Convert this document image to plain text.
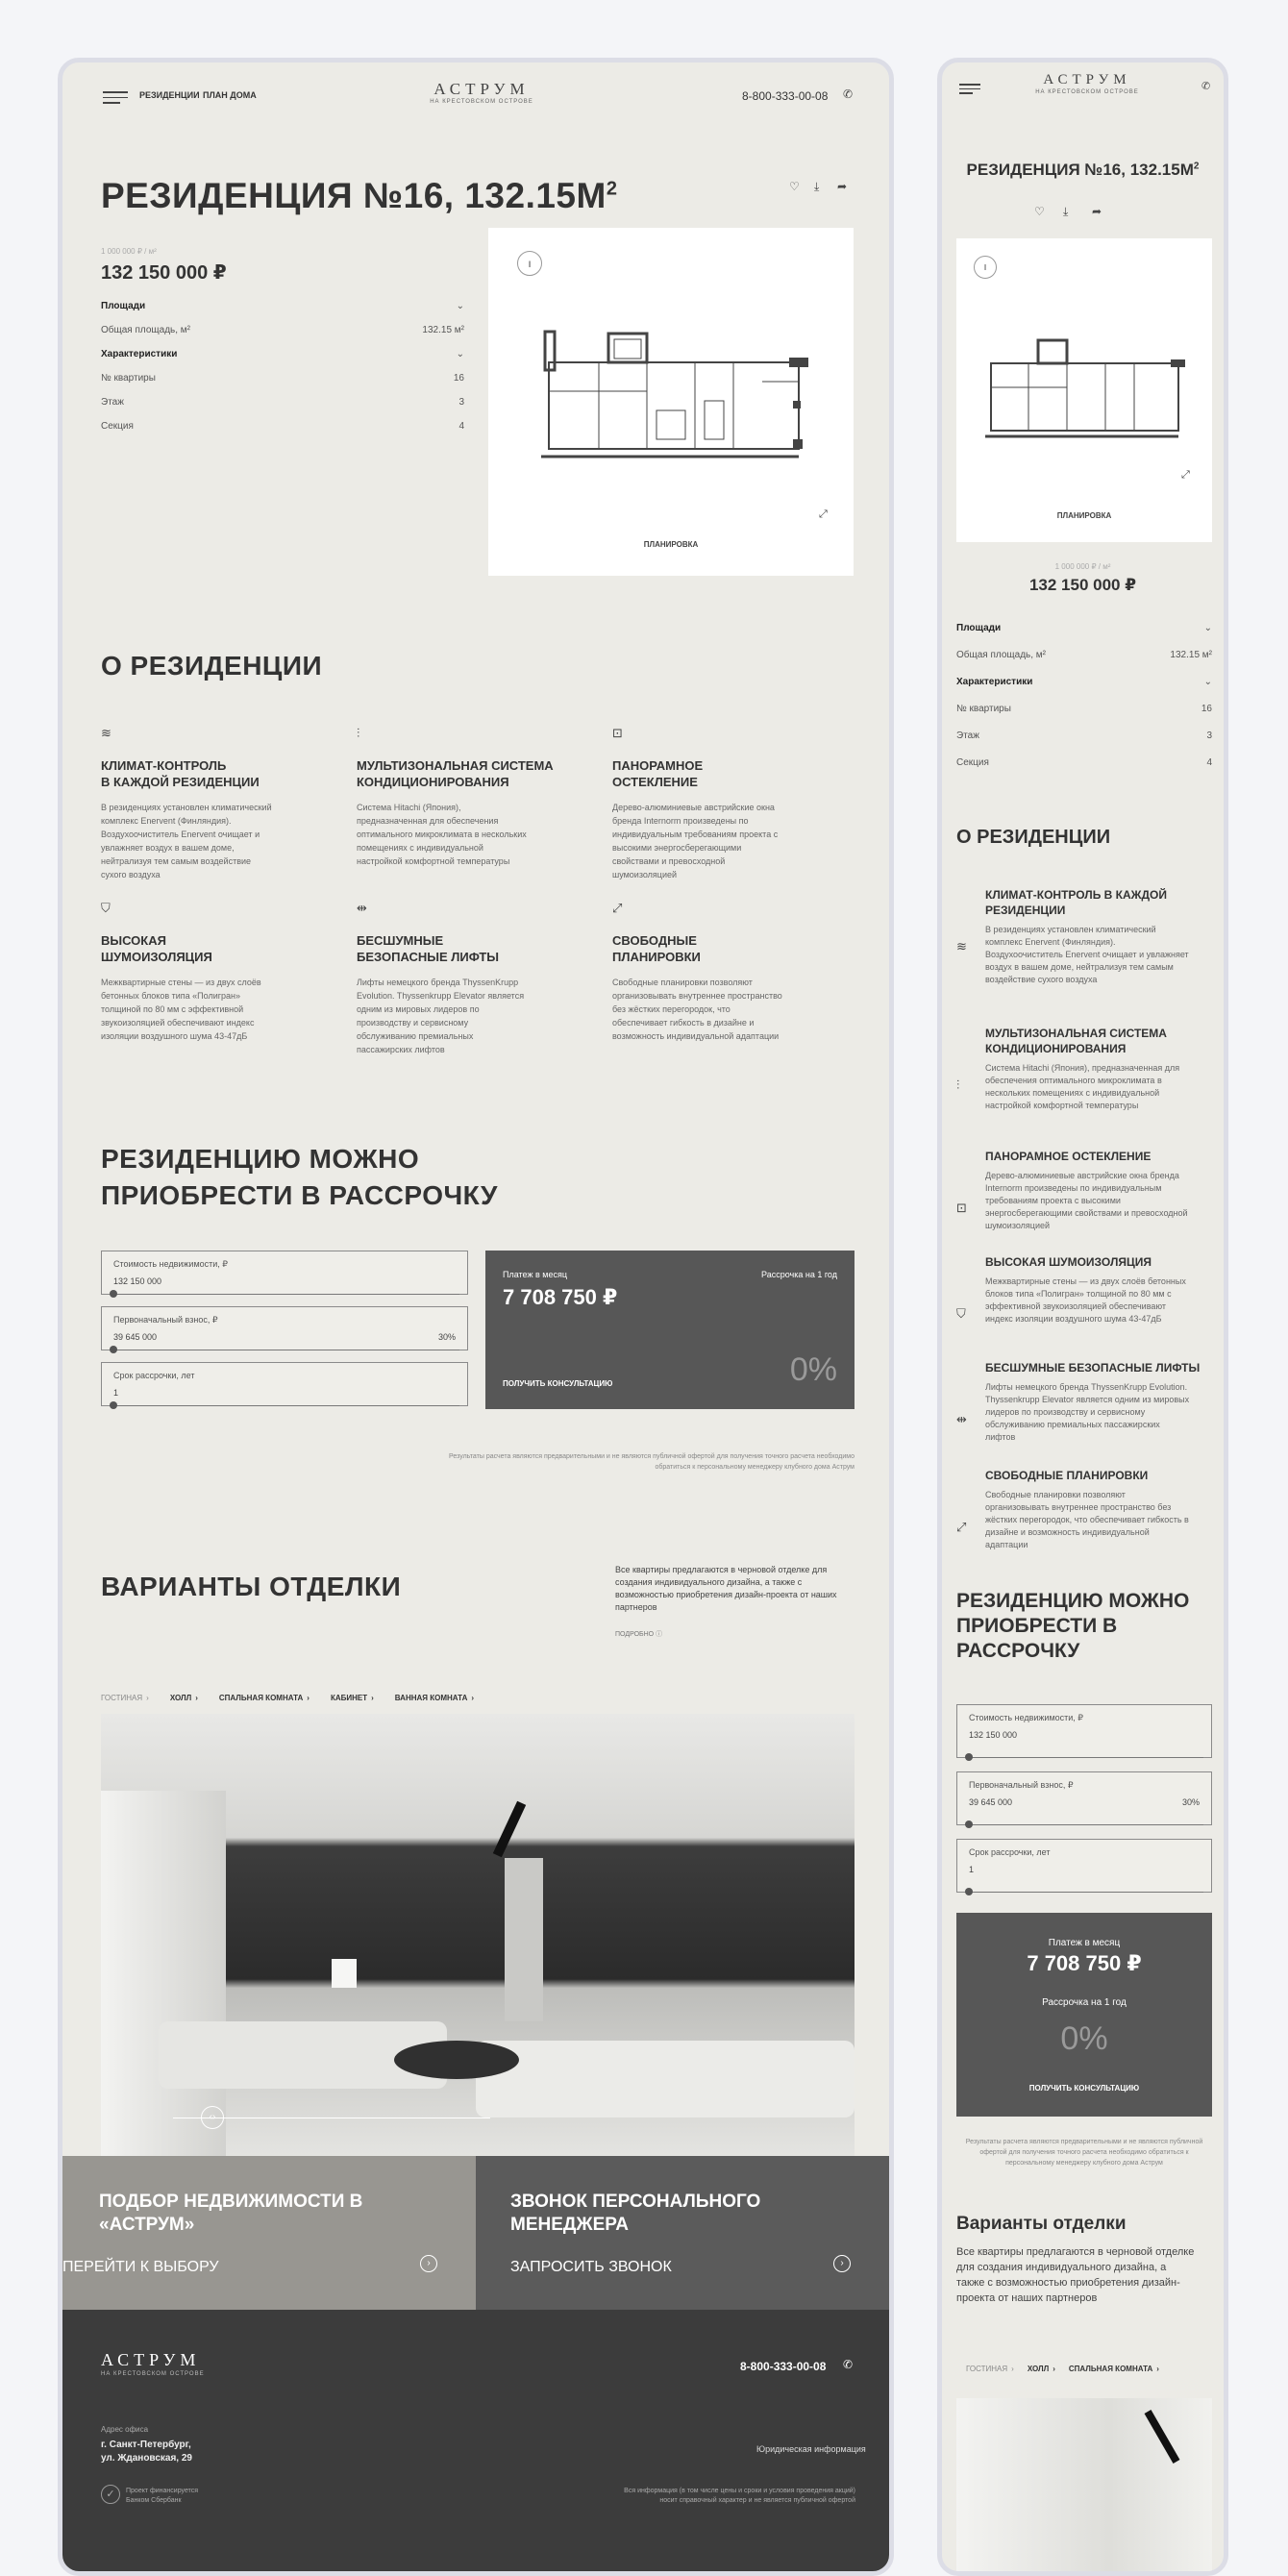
РЕЗИДЕНЦИИ ПЛАН ДОМА	АСТРУМ
НА КРЕСТОВСКОМ ОСТРОВЕ	8-800-333-00-08 ✆
РЕЗИДЕНЦИЯ №16, $132.15М^2$	♡ ⤓ ➦
1 000 000 ₽ / м²
132 150 000 ₽
Площади	⌄
Общая площадь, м²	132.15 м²
Характеристики	⌄
№ квартиры	16
Этаж	3
Секция	4
ı
⤢
ПЛАНИРОВКА
О РЕЗИДЕНЦИИ
≋
КЛИМАТ-КОНТРОЛЬ
В КАЖДОЙ РЕЗИДЕНЦИИ
В резиденциях установлен климатический комплекс Enervent (Финляндия). Воздухоочиститель Enervent очищает и увлажняет воздух в вашем доме, нейтрализуя тем самым воздействие сухого воздуха
⫶
МУЛЬТИЗОНАЛЬНАЯ СИСТЕМА
КОНДИЦИОНИРОВАНИЯ
Система Hitachi (Япония), предназначенная для обеспечения оптимального микроклимата в нескольких помещениях с индивидуальной настройкой комфортной температуры
⊡
ПАНОРАМНОЕ
ОСТЕКЛЕНИЕ
Дерево-алюминиевые австрийские окна бренда Internorm произведены по индивидуальным требованиям проекта с высокими энергосберегающими свойствами и превосходной шумоизоляцией
⛉
ВЫСОКАЯ
ШУМОИЗОЛЯЦИЯ
Межквартирные стены — из двух слоёв бетонных блоков типа «Полигран» толщиной по 80 мм с эффективной звукоизоляцией обеспечивают индекс изоляции воздушного шума 43-47дБ
⇹
БЕСШУМНЫЕ
БЕЗОПАСНЫЕ ЛИФТЫ
Лифты немецкого бренда ThyssenKrupp Evolution. Thyssenkrupp Elevator является одним из мировых лидеров по производству и сервисному обслуживанию премиальных пассажирских лифтов
⤢
СВОБОДНЫЕ
ПЛАНИРОВКИ
Свободные планировки позволяют организовывать внутреннее пространство без жёстких перегородок, что обеспечивает гибкость в дизайне и возможность индивидуальной адаптации
РЕЗИДЕНЦИЮ МОЖНО
ПРИОБРЕСТИ В РАССРОЧКУ
Стоимость недвижимости, ₽
132 150 000
Первоначальный взнос, ₽
39 645 000	30%
Срок рассрочки, лет
1
Платеж в месяц
7 708 750 ₽
Рассрочка на 1 год
0%
ПОЛУЧИТЬ КОНСУЛЬТАЦИЮ
Результаты расчета являются предварительными и не являются публичной офертой для получения точного расчета необходимо обратиться к персональному менеджеру клубного дома Аструм
ВАРИАНТЫ ОТДЕЛКИ
Все квартиры предлагаются в черновой отделке для создания индивидуального дизайна, а также с возможностью приобретения дизайн-проекта от наших партнеров
ПОДРОБНО ⓘ
ГОСТИНАЯ ›	ХОЛЛ ›	СПАЛЬНАЯ КОМНАТА ›	КАБИНЕТ ›	ВАННАЯ КОМНАТА ›
‹›
ПОДБОР НЕДВИЖИМОСТИ В
«АСТРУМ»
ПЕРЕЙТИ К ВЫБОРУ	›
ЗВОНОК ПЕРСОНАЛЬНОГО
МЕНЕДЖЕРА
ЗАПРОСИТЬ ЗВОНОК	›
АСТРУМ
НА КРЕСТОВСКОМ ОСТРОВЕ
8-800-333-00-08 ✆
Адрес офиса
г. Санкт-Петербург,
ул. Ждановская, 29
Юридическая информация
✓	Проект финансируется
Банком Сбербанк
Вся информация (в том числе цены и сроки и условия проведения акций)
носит справочный характер и не является публичной офертой
АСТРУМ
НА КРЕСТОВСКОМ ОСТРОВЕ	✆
РЕЗИДЕНЦИЯ №16, $132.15М^2$
♡ ⤓ ➦
ı
⤢
ПЛАНИРОВКА
1 000 000 ₽ / м²
132 150 000 ₽
Площади	⌄
Общая площадь, м²	132.15 м²
Характеристики	⌄
№ квартиры	16
Этаж	3
Секция	4
О РЕЗИДЕНЦИИ
КЛИМАТ-КОНТРОЛЬ В КАЖДОЙ РЕЗИДЕНЦИИ
≋
В резиденциях установлен климатический комплекс Enervent (Финляндия). Воздухоочиститель Enervent очищает и увлажняет воздух в вашем доме, нейтрализуя тем самым воздействие сухого воздуха
МУЛЬТИЗОНАЛЬНАЯ СИСТЕМА КОНДИЦИОНИРОВАНИЯ
⫶
Система Hitachi (Япония), предназначенная для обеспечения оптимального микроклимата в нескольких помещениях с индивидуальной настройкой комфортной температуры
ПАНОРАМНОЕ ОСТЕКЛЕНИЕ
⊡
Дерево-алюминиевые австрийские окна бренда Internorm произведены по индивидуальным требованиям проекта с высокими энергосберегающими свойствами и превосходной шумоизоляцией
ВЫСОКАЯ ШУМОИЗОЛЯЦИЯ
⛉
Межквартирные стены — из двух слоёв бетонных блоков типа «Полигран» толщиной по 80 мм с эффективной звукоизоляцией обеспечивают индекс изоляции воздушного шума 43-47дБ
БЕСШУМНЫЕ БЕЗОПАСНЫЕ ЛИФТЫ
⇹
Лифты немецкого бренда ThyssenKrupp Evolution. Thyssenkrupp Elevator является одним из мировых лидеров по производству и сервисному обслуживанию премиальных пассажирских лифтов
СВОБОДНЫЕ ПЛАНИРОВКИ
⤢
Свободные планировки позволяют организовывать внутреннее пространство без жёстких перегородок, что обеспечивает гибкость в дизайне и возможность индивидуальной адаптации
РЕЗИДЕНЦИЮ МОЖНО ПРИОБРЕСТИ В РАССРОЧКУ
Стоимость недвижимости, ₽
132 150 000
Первоначальный взнос, ₽
39 645 000	30%
Срок рассрочки, лет
1
Платеж в месяц
7 708 750 ₽
Рассрочка на 1 год
0%
ПОЛУЧИТЬ КОНСУЛЬТАЦИЮ
Результаты расчета являются предварительными и не являются публичной офертой для получения точного расчета необходимо обратиться к персональному менеджеру клубного дома Аструм
Варианты отделки
Все квартиры предлагаются в черновой отделке для создания индивидуального дизайна, а также с возможностью приобретения дизайн-проекта от наших партнеров
ГОСТИНАЯ › ХОЛЛ › СПАЛЬНАЯ КОМНАТА ›
